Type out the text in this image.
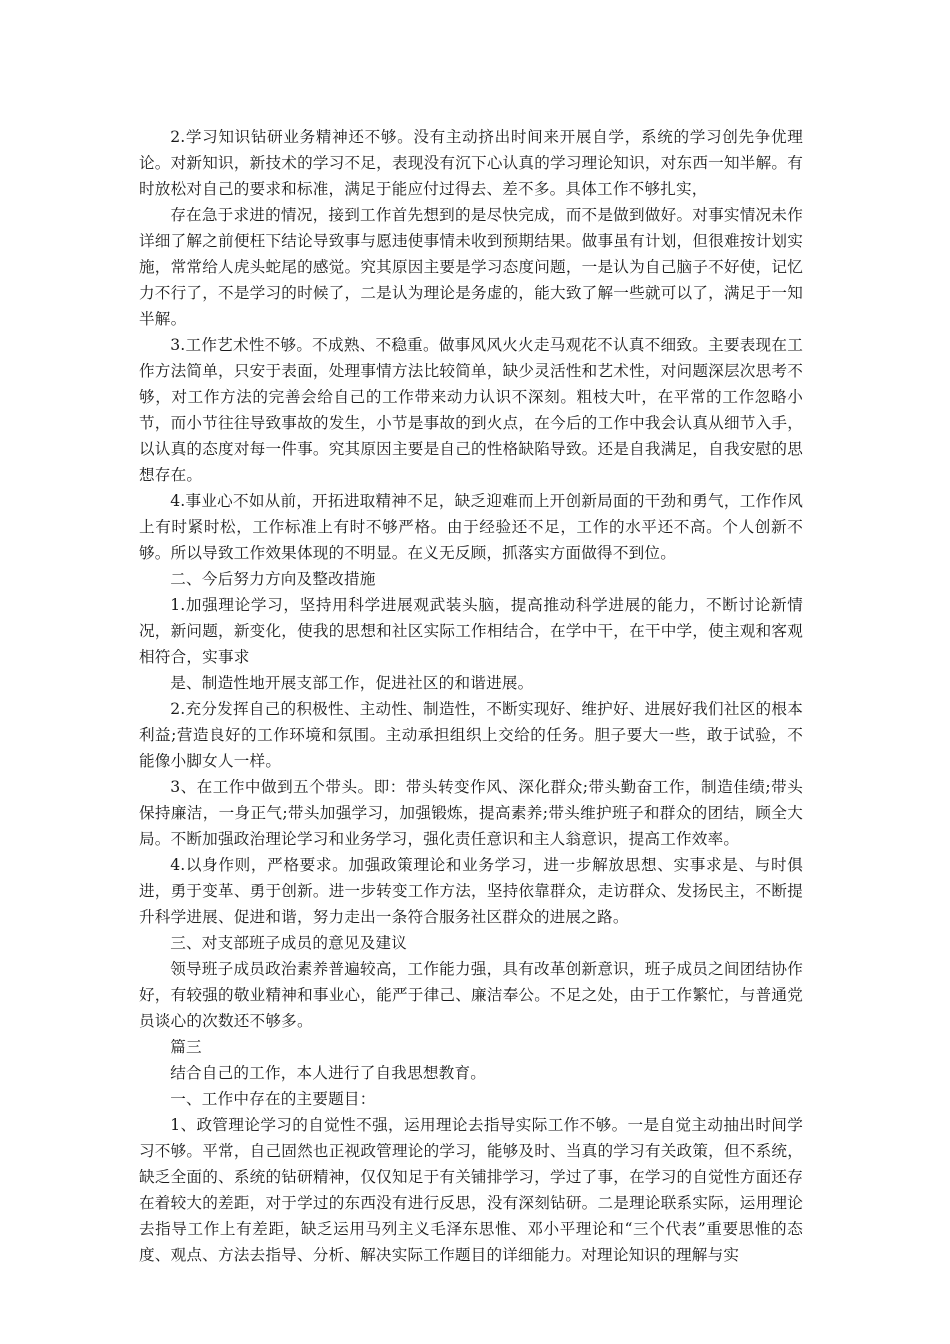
2.学习知识钻研业务精神还不够。没有主动挤出时间来开展自学，系统的学习创先争优理论。对新知识，新技术的学习不足，表现没有沉下心认真的学习理论知识，对东西一知半解。有时放松对自己的要求和标准，满足于能应付过得去、差不多。具体工作不够扎实，

存在急于求进的情况，接到工作首先想到的是尽快完成，而不是做到做好。对事实情况未作详细了解之前便枉下结论导致事与愿违使事情未收到预期结果。做事虽有计划，但很难按计划实施，常常给人虎头蛇尾的感觉。究其原因主要是学习态度问题，一是认为自己脑子不好使，记忆力不行了，不是学习的时候了，二是认为理论是务虚的，能大致了解一些就可以了，满足于一知半解。

3.工作艺术性不够。不成熟、不稳重。做事风风火火走马观花不认真不细致。主要表现在工作方法简单，只安于表面，处理事情方法比较简单，缺少灵活性和艺术性，对问题深层次思考不够，对工作方法的完善会给自己的工作带来动力认识不深刻。粗枝大叶，在平常的工作忽略小节，而小节往往导致事故的发生，小节是事故的到火点，在今后的工作中我会认真从细节入手，以认真的态度对每一件事。究其原因主要是自己的性格缺陷导致。还是自我满足，自我安慰的思想存在。

4.事业心不如从前，开拓进取精神不足，缺乏迎难而上开创新局面的干劲和勇气，工作作风上有时紧时松，工作标准上有时不够严格。由于经验还不足，工作的水平还不高。个人创新不够。所以导致工作效果体现的不明显。在义无反顾，抓落实方面做得不到位。

二、今后努力方向及整改措施

1.加强理论学习，坚持用科学进展观武装头脑，提高推动科学进展的能力，不断讨论新情况，新问题，新变化，使我的思想和社区实际工作相结合，在学中干，在干中学，使主观和客观相符合，实事求

是、制造性地开展支部工作，促进社区的和谐进展。

2.充分发挥自己的积极性、主动性、制造性，不断实现好、维护好、进展好我们社区的根本利益;营造良好的工作环境和氛围。主动承担组织上交给的任务。胆子要大一些，敢于试验，不能像小脚女人一样。

3、在工作中做到五个带头。即：带头转变作风、深化群众;带头勤奋工作，制造佳绩;带头保持廉洁，一身正气;带头加强学习，加强锻炼，提高素养;带头维护班子和群众的团结，顾全大局。不断加强政治理论学习和业务学习，强化责任意识和主人翁意识，提高工作效率。

4.以身作则，严格要求。加强政策理论和业务学习，进一步解放思想、实事求是、与时俱进，勇于变革、勇于创新。进一步转变工作方法，坚持依靠群众，走访群众、发扬民主，不断提升科学进展、促进和谐，努力走出一条符合服务社区群众的进展之路。

三、对支部班子成员的意见及建议

领导班子成员政治素养普遍较高，工作能力强，具有改革创新意识，班子成员之间团结协作好，有较强的敬业精神和事业心，能严于律己、廉洁奉公。不足之处，由于工作繁忙，与普通党员谈心的次数还不够多。

篇三

结合自己的工作，本人进行了自我思想教育。

一、工作中存在的主要题目：

1、政管理论学习的自觉性不强，运用理论去指导实际工作不够。一是自觉主动抽出时间学习不够。平常，自己固然也正视政管理论的学习，能够及时、当真的学习有关政策，但不系统，缺乏全面的、系统的钻研精神，仅仅知足于有关铺排学习，学过了事，在学习的自觉性方面还存在着较大的差距，对于学过的东西没有进行反思，没有深刻钻研。二是理论联系实际，运用理论去指导工作上有差距，缺乏运用马列主义毛泽东思惟、邓小平理论和“三个代表”重要思惟的态度、观点、方法去指导、分析、解决实际工作题目的详细能力。对理论知识的理解与实
